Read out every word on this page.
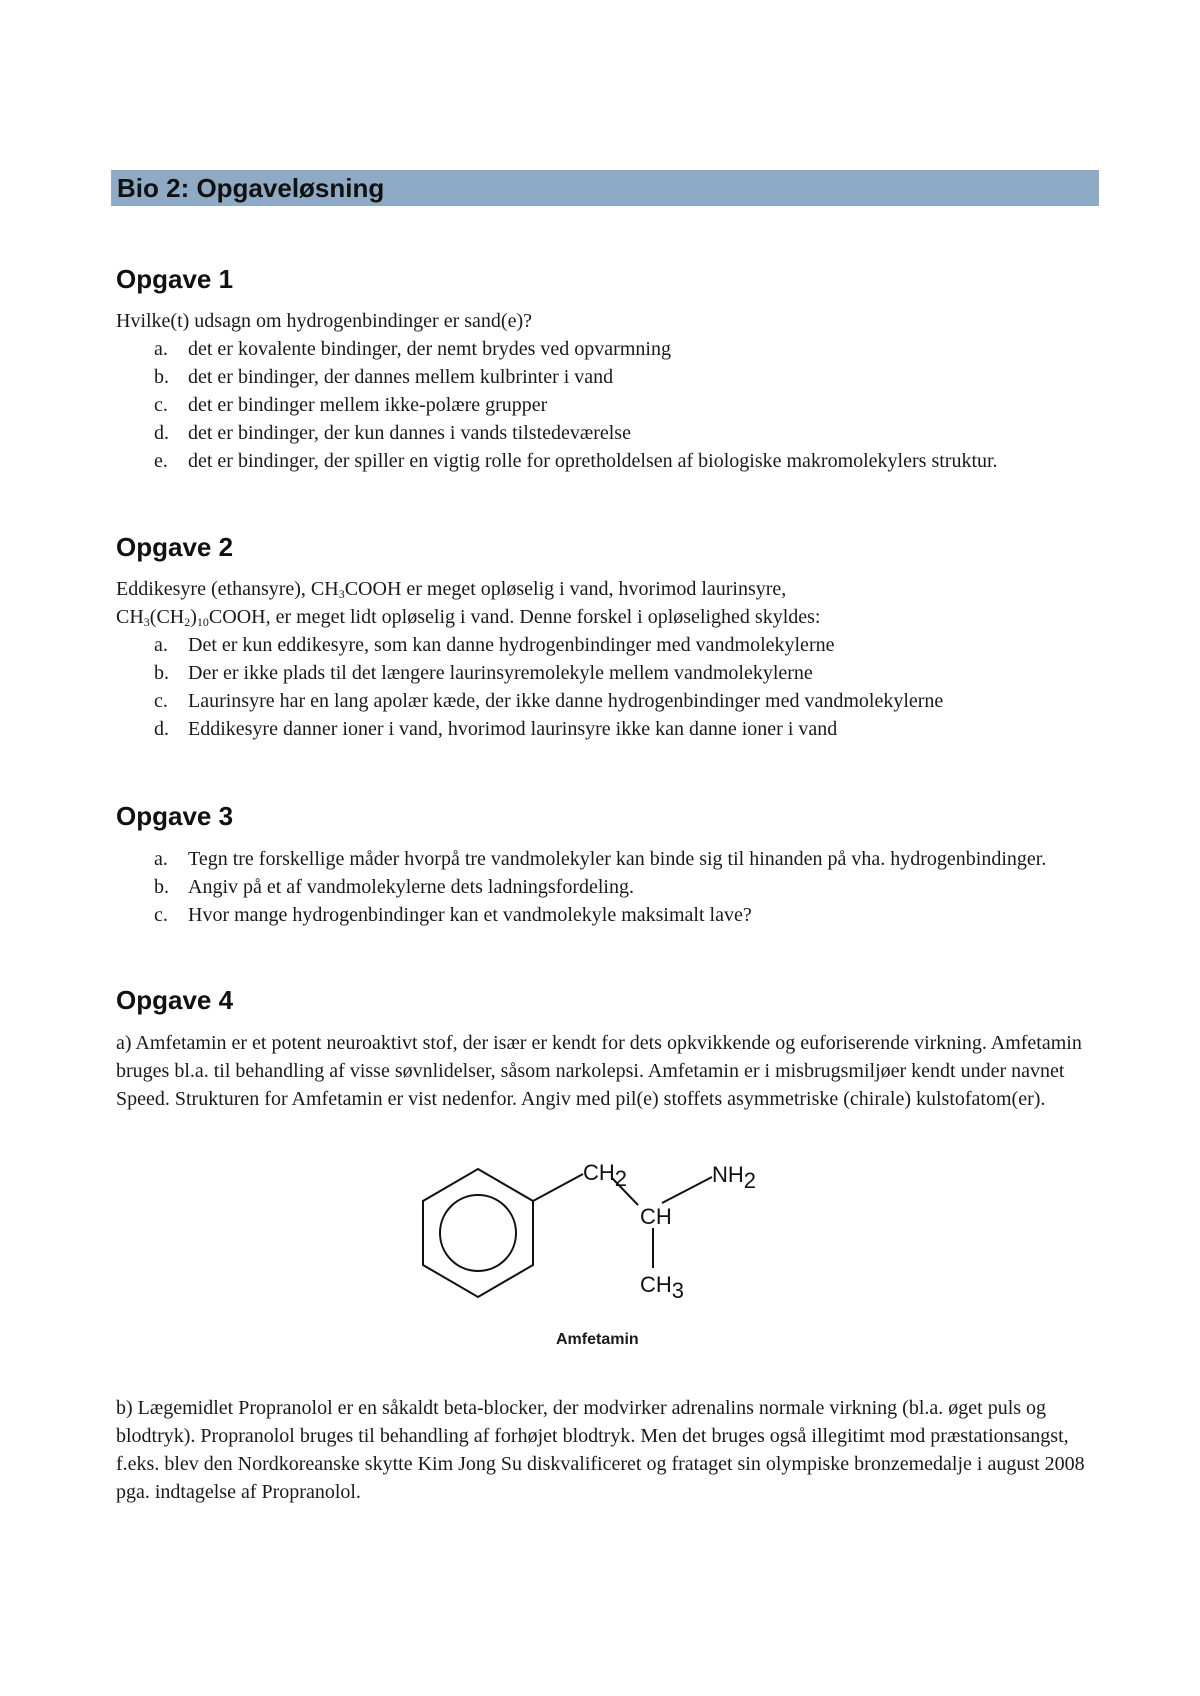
Bio 2: Opgaveløsning
Opgave 1
Hvilke(t) udsagn om hydrogenbindinger er sand(e)?
a.	det er kovalente bindinger, der nemt brydes ved opvarmning
b. det er bindinger, der dannes mellem kulbrinter i vand
c.	det er bindinger mellem ikke-polære grupper
d. det er bindinger, der kun dannes i vands tilstedeværelse
e.	det er bindinger, der spiller en vigtig rolle for opretholdelsen af biologiske makromolekylers struktur.
Opgave 2
Eddikesyre (ethansyre), $CH_3COOH$ er meget opløselig i vand, hvorimod laurinsyre,
$CH_3(CH_2)_{10}COOH$, er meget lidt opløselig i vand. Denne forskel i opløselighed skyldes:
a.	Det er kun eddikesyre, som kan danne hydrogenbindinger med vandmolekylerne
b. Der er ikke plads til det længere laurinsyremolekyle mellem vandmolekylerne
c.	Laurinsyre har en lang apolær kæde, der ikke danne hydrogenbindinger med vandmolekylerne
d. Eddikesyre danner ioner i vand, hvorimod laurinsyre ikke kan danne ioner i vand
Opgave 3
a.	Tegn tre forskellige måder hvorpå tre vandmolekyler kan binde sig til hinanden på vha. hydrogenbindinger.
b. Angiv på et af vandmolekylerne dets ladningsfordeling.
c.	Hvor mange hydrogenbindinger kan et vandmolekyle maksimalt lave?
Opgave 4
a) Amfetamin er et potent neuroaktivt stof, der især er kendt for dets opkvikkende og euforiserende virkning. Amfetamin bruges bl.a. til behandling af visse søvnlidelser, såsom narkolepsi. Amfetamin er i misbrugsmiljøer kendt under navnet Speed. Strukturen for Amfetamin er vist nedenfor. Angiv med pil(e) stoffets asymmetriske (chirale) kulstofatom(er).
CH2	NH2
CH
CH3
Amfetamin
b) Lægemidlet Propranolol er en såkaldt beta-blocker, der modvirker adrenalins normale virkning (bl.a. øget puls og blodtryk). Propranolol bruges til behandling af forhøjet blodtryk. Men det bruges også illegitimt mod præstationsangst, f.eks. blev den Nordkoreanske skytte Kim Jong Su diskvalificeret og frataget sin olympiske bronzemedalje i august 2008 pga. indtagelse af Propranolol.
